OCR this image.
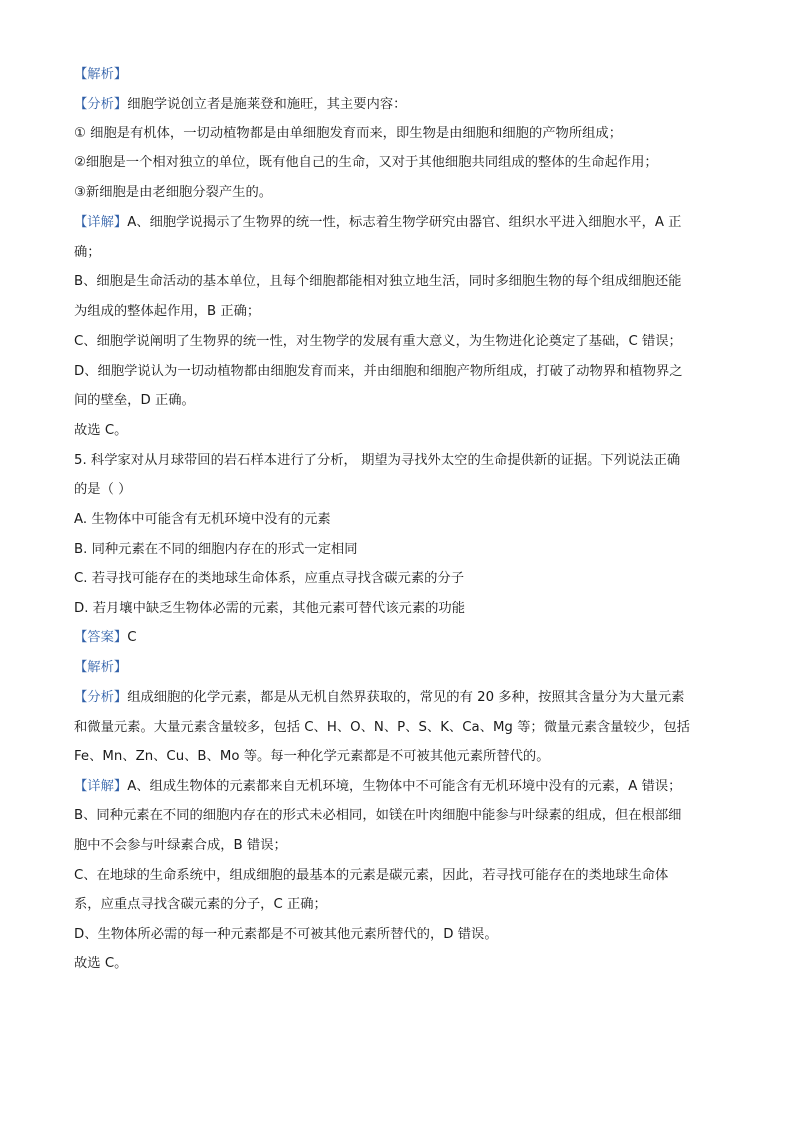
【解析】
【分析】细胞学说创立者是施莱登和施旺，其主要内容：
① 细胞是有机体，一切动植物都是由单细胞发育而来，即生物是由细胞和细胞的产物所组成；
②细胞是一个相对独立的单位，既有他自己的生命，又对于其他细胞共同组成的整体的生命起作用；
③新细胞是由老细胞分裂产生的。
【详解】A、细胞学说揭示了生物界的统一性，标志着生物学研究由器官、组织水平进入细胞水平，A 正
确；
B、细胞是生命活动的基本单位，且每个细胞都能相对独立地生活，同时多细胞生物的每个组成细胞还能
为组成的整体起作用，B 正确；
C、细胞学说阐明了生物界的统一性，对生物学的发展有重大意义，为生物进化论奠定了基础，C 错误；
D、细胞学说认为一切动植物都由细胞发育而来，并由细胞和细胞产物所组成，打破了动物界和植物界之
间的壁垒，D 正确。
故选 C。
5. 科学家对从月球带回的岩石样本进行了分析， 期望为寻找外太空的生命提供新的证据。下列说法正确
的是（ ）
A. 生物体中可能含有无机环境中没有的元素
B. 同种元素在不同的细胞内存在的形式一定相同
C. 若寻找可能存在的类地球生命体系，应重点寻找含碳元素的分子
D. 若月壤中缺乏生物体必需的元素，其他元素可替代该元素的功能
【答案】C
【解析】
【分析】组成细胞的化学元素，都是从无机自然界获取的，常见的有 20 多种，按照其含量分为大量元素
和微量元素。大量元素含量较多，包括 C、H、O、N、P、S、K、Ca、Mg 等；微量元素含量较少，包括
Fe、Mn、Zn、Cu、B、Mo 等。每一种化学元素都是不可被其他元素所替代的。
【详解】A、组成生物体的元素都来自无机环境，生物体中不可能含有无机环境中没有的元素，A 错误；
B、同种元素在不同的细胞内存在的形式未必相同，如镁在叶肉细胞中能参与叶绿素的组成，但在根部细
胞中不会参与叶绿素合成，B 错误；
C、在地球的生命系统中，组成细胞的最基本的元素是碳元素，因此，若寻找可能存在的类地球生命体
系，应重点寻找含碳元素的分子，C 正确；
D、生物体所必需的每一种元素都是不可被其他元素所替代的，D 错误。
故选 C。
